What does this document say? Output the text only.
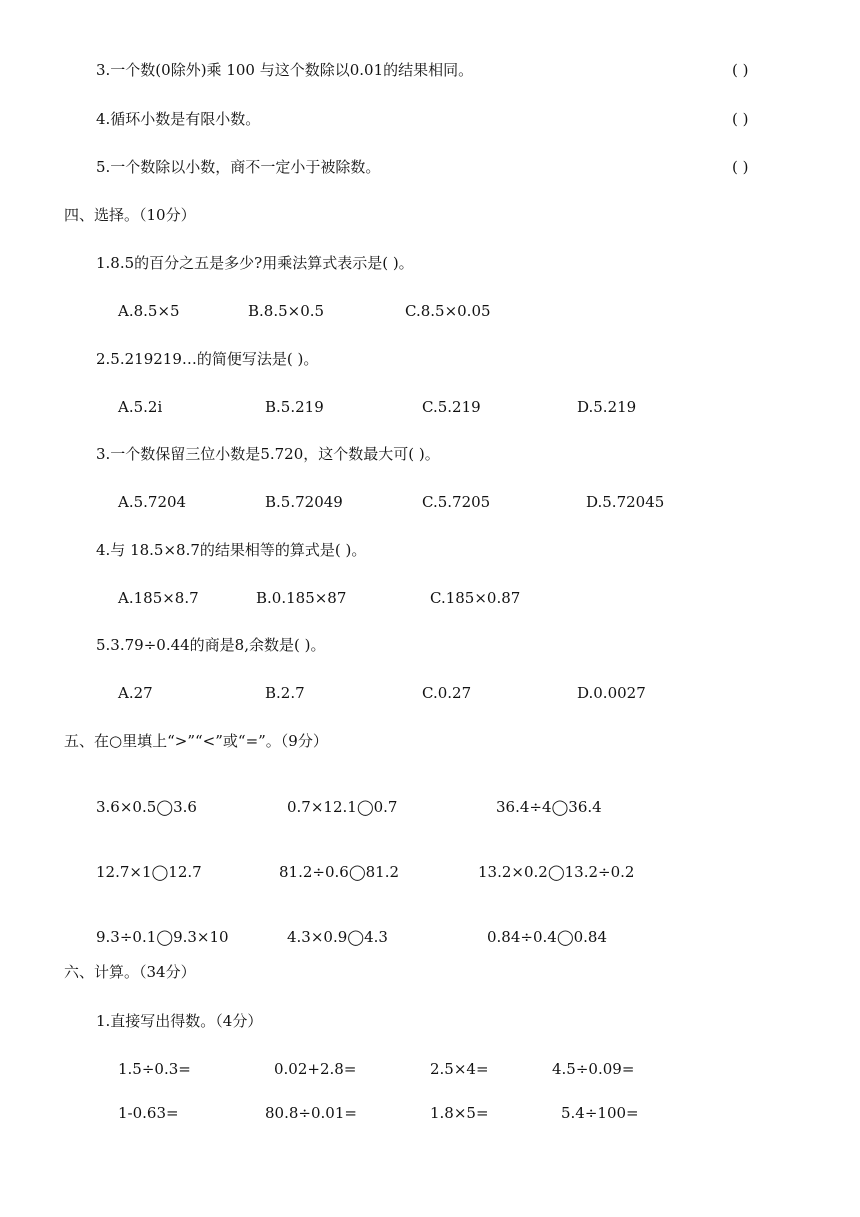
3.一个数(0除外)乘 100 与这个数除以0.01的结果相同。	( )
4.循环小数是有限小数。	( )
5.一个数除以小数，商不一定小于被除数。	( )
四、选择。（10分）
1.8.5的百分之五是多少?用乘法算式表示是( )。
A.8.5×5	B.8.5×0.5	C.8.5×0.05
2.5.219219…的简便写法是( )。
A.5.2i	B.5.219	C.5.219	D.5.219
3.一个数保留三位小数是5.720，这个数最大可( )。
A.5.7204	B.5.72049	C.5.7205	D.5.72045
4.与 18.5×8.7的结果相等的算式是( )。
A.185×8.7	B.0.185×87	C.185×0.87
5.3.79÷0.44的商是8,余数是( )。
A.27	B.2.7	C.0.27	D.0.0027
五、在○里填上“>”“<”或“=”。（9分）
3.6×0.5◯3.6	0.7×12.1◯0.7	36.4÷4◯36.4
12.7×1◯12.7	81.2÷0.6◯81.2	13.2×0.2◯13.2÷0.2
9.3÷0.1◯9.3×10	4.3×0.9◯4.3	0.84÷0.4◯0.84
六、计算。（34分）
1.直接写出得数。（4分）
1.5÷0.3=	0.02+2.8=	2.5×4=	4.5÷0.09=
1-0.63=	80.8÷0.01=	1.8×5=	5.4÷100=
